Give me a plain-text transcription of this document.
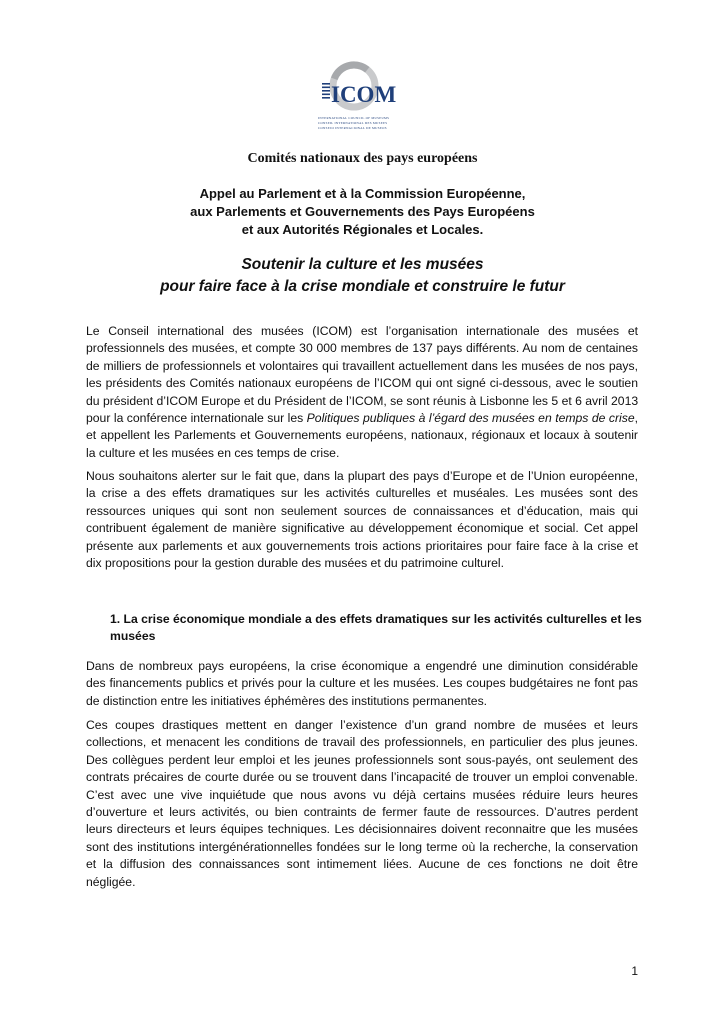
ICOM
INTERNATIONAL COUNCIL OF MUSEUMS
CONSEIL INTERNATIONAL DES MUSEES
CONSEJO INTERNACIONAL DE MUSEOS
Comités nationaux des pays européens
Appel au Parlement et à la Commission Européenne,
aux Parlements et Gouvernements des Pays Européens
et aux Autorités Régionales et Locales.
Soutenir la culture et les musées
pour faire face à la crise mondiale et construire le futur
Le Conseil international des musées (ICOM) est l’organisation internationale des musées et
professionnels des musées, et compte 30 000 membres de 137 pays différents. Au nom de centaines
de milliers de professionnels et volontaires qui travaillent actuellement dans les musées de nos pays,
les présidents des Comités nationaux européens de l’ICOM qui ont signé ci-dessous, avec le soutien
du président d’ICOM Europe et du Président de l’ICOM, se sont réunis à Lisbonne les 5 et 6 avril 2013
pour la conférence internationale sur les Politiques publiques à l’égard des musées en temps de crise,
et appellent les Parlements et Gouvernements européens, nationaux, régionaux et locaux à soutenir
la culture et les musées en ces temps de crise.
Nous souhaitons alerter sur le fait que, dans la plupart des pays d’Europe et de l’Union européenne,
la crise a des effets dramatiques sur les activités culturelles et muséales. Les musées sont des
ressources uniques qui sont non seulement sources de connaissances et d’éducation, mais qui
contribuent également de manière significative au développement économique et social. Cet appel
présente aux parlements et aux gouvernements trois actions prioritaires pour faire face à la crise et
dix propositions pour la gestion durable des musées et du patrimoine culturel.
1. La crise économique mondiale a des effets dramatiques sur les activités culturelles et les
musées
Dans de nombreux pays européens, la crise économique a engendré une diminution considérable
des financements publics et privés pour la culture et les musées. Les coupes budgétaires ne font pas
de distinction entre les initiatives éphémères des institutions permanentes.
Ces coupes drastiques mettent en danger l’existence d’un grand nombre de musées et leurs
collections, et menacent les conditions de travail des professionnels, en particulier des plus jeunes.
Des collègues perdent leur emploi et les jeunes professionnels sont sous-payés, ont seulement des
contrats précaires de courte durée ou se trouvent dans l’incapacité de trouver un emploi convenable.
C’est avec une vive inquiétude que nous avons vu déjà certains musées réduire leurs heures
d’ouverture et leurs activités, ou bien contraints de fermer faute de ressources. D’autres perdent
leurs directeurs et leurs équipes techniques. Les décisionnaires doivent reconnaitre que les musées
sont des institutions intergénérationnelles fondées sur le long terme où la recherche, la conservation
et la diffusion des connaissances sont intimement liées. Aucune de ces fonctions ne doit être
négligée.
1
